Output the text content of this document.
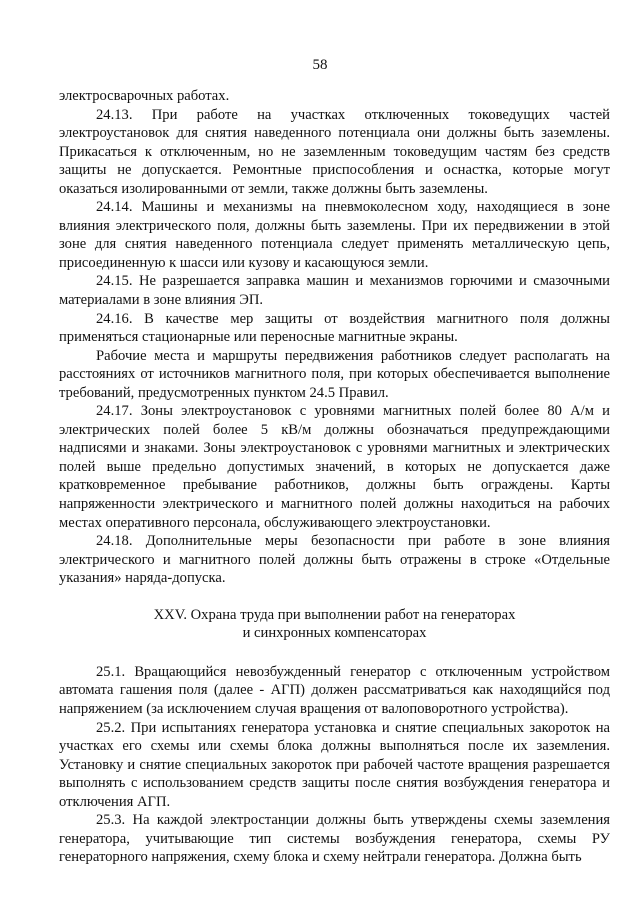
58

электросварочных работах.

24.13. При работе на участках отключенных токоведущих частей электроустановок для снятия наведенного потенциала они должны быть заземлены. Прикасаться к отключенным, но не заземленным токоведущим частям без средств защиты не допускается. Ремонтные приспособления и оснастка, которые могут оказаться изолированными от земли, также должны быть заземлены.

24.14. Машины и механизмы на пневмоколесном ходу, находящиеся в зоне влияния электрического поля, должны быть заземлены. При их передвижении в этой зоне для снятия наведенного потенциала следует применять металлическую цепь, присоединенную к шасси или кузову и касающуюся земли.

24.15. Не разрешается заправка машин и механизмов горючими и смазочными материалами в зоне влияния ЭП.

24.16. В качестве мер защиты от воздействия магнитного поля должны применяться стационарные или переносные магнитные экраны.

Рабочие места и маршруты передвижения работников следует располагать на расстояниях от источников магнитного поля, при которых обеспечивается выполнение требований, предусмотренных пунктом 24.5 Правил.

24.17. Зоны электроустановок с уровнями магнитных полей более 80 А/м и электрических полей более 5 кВ/м должны обозначаться предупреждающими надписями и знаками. Зоны электроустановок с уровнями магнитных и электрических полей выше предельно допустимых значений, в которых не допускается даже кратковременное пребывание работников, должны быть ограждены. Карты напряженности электрического и магнитного полей должны находиться на рабочих местах оперативного персонала, обслуживающего электроустановки.

24.18. Дополнительные меры безопасности при работе в зоне влияния электрического и магнитного полей должны быть отражены в строке «Отдельные указания» наряда-допуска.

XXV. Охрана труда при выполнении работ на генераторах
и синхронных компенсаторах

25.1. Вращающийся невозбужденный генератор с отключенным устройством автомата гашения поля (далее - АГП) должен рассматриваться как находящийся под напряжением (за исключением случая вращения от валоповоротного устройства).

25.2. При испытаниях генератора установка и снятие специальных закороток на участках его схемы или схемы блока должны выполняться после их заземления. Установку и снятие специальных закороток при рабочей частоте вращения разрешается выполнять с использованием средств защиты после снятия возбуждения генератора и отключения АГП.

25.3. На каждой электростанции должны быть утверждены схемы заземления генератора, учитывающие тип системы возбуждения генератора, схемы РУ генераторного напряжения, схему блока и схему нейтрали генератора. Должна быть
